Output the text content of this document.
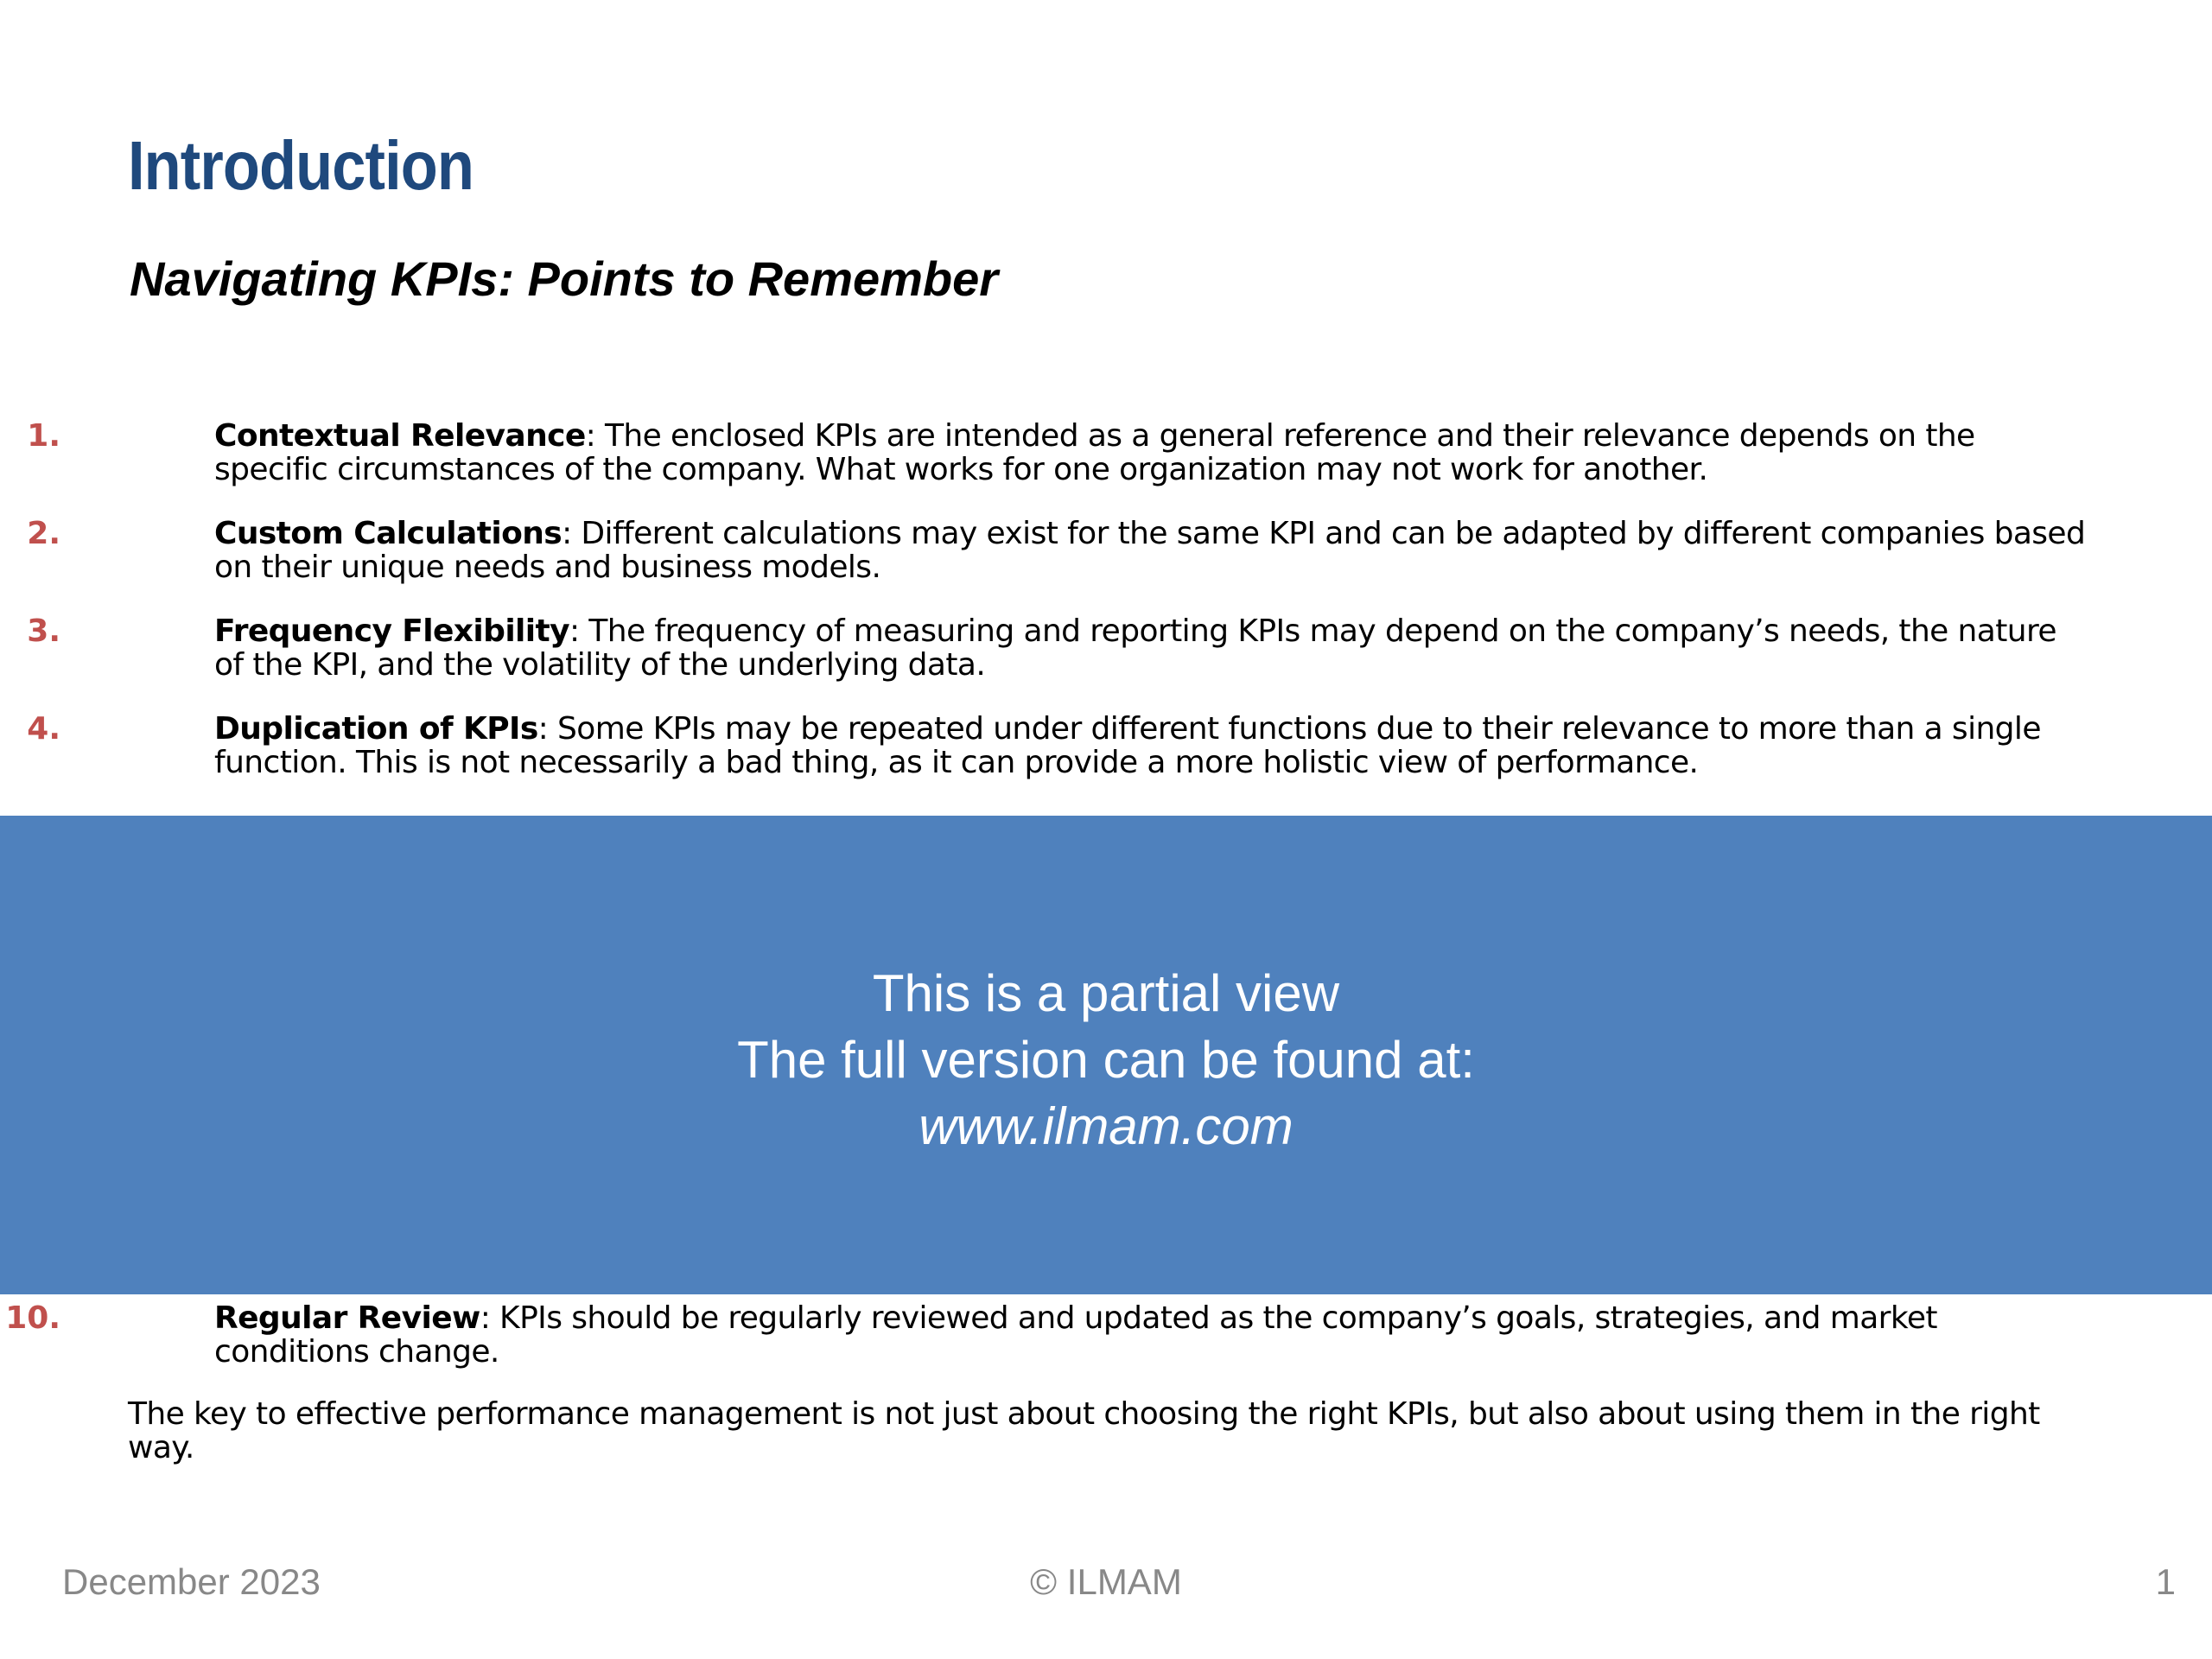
Introduction
Navigating KPIs: Points to Remember
1.	Contextual Relevance: The enclosed KPIs are intended as a general reference and their relevance depends on the specific circumstances of the company. What works for one organization may not work for another.
2.	Custom Calculations: Different calculations may exist for the same KPI and can be adapted by different companies based on their unique needs and business models.
3.	Frequency Flexibility: The frequency of measuring and reporting KPIs may depend on the company’s needs, the nature of the KPI, and the volatility of the underlying data.
4.	Duplication of KPIs: Some KPIs may be repeated under different functions due to their relevance to more than a single function. This is not necessarily a bad thing, as it can provide a more holistic view of performance.
This is a partial view
The full version can be found at:
www.ilmam.com
10.	Regular Review: KPIs should be regularly reviewed and updated as the company’s goals, strategies, and market conditions change.

The key to effective performance management is not just about choosing the right KPIs, but also about using them in the right way.

December 2023	© ILMAM	1
